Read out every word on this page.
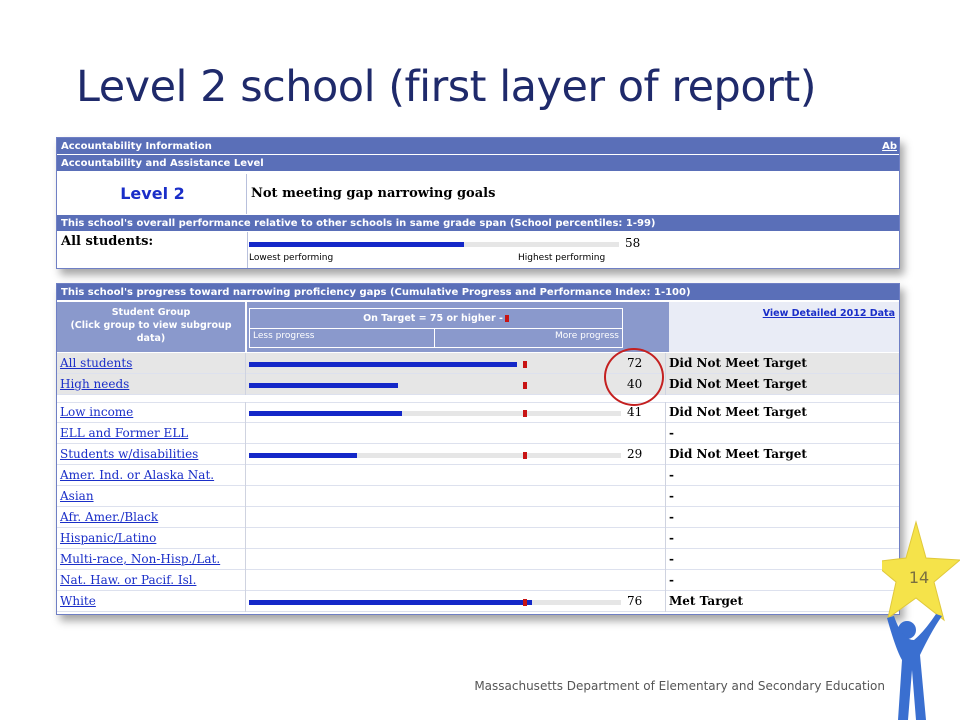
Level 2 school (first layer of report)
Accountability Information	Ab
Accountability and Assistance Level
Level 2	Not meeting gap narrowing goals
This school's overall performance relative to other schools in same grade span (School percentiles: 1-99)
All students:	58
Lowest performing	Highest performing
This school's progress toward narrowing proficiency gaps (Cumulative Progress and Performance Index: 1-100)
Student Group
(Click group to view subgroup data)
On Target = 75 or higher -
Less progress	More progress
View Detailed 2012 Data
All students	72 Did Not Meet Target
High needs	40 Did Not Meet Target
Low income	41 Did Not Meet Target
ELL and Former ELL	-
Students w/disabilities	29 Did Not Meet Target
Amer. Ind. or Alaska Nat.	-
Asian	-
Afr. Amer./Black	-
Hispanic/Latino	-
Multi-race, Non-Hisp./Lat.	-
Nat. Haw. or Pacif. Isl.	-
White	76 Met Target
Massachusetts Department of Elementary and Secondary Education
14
